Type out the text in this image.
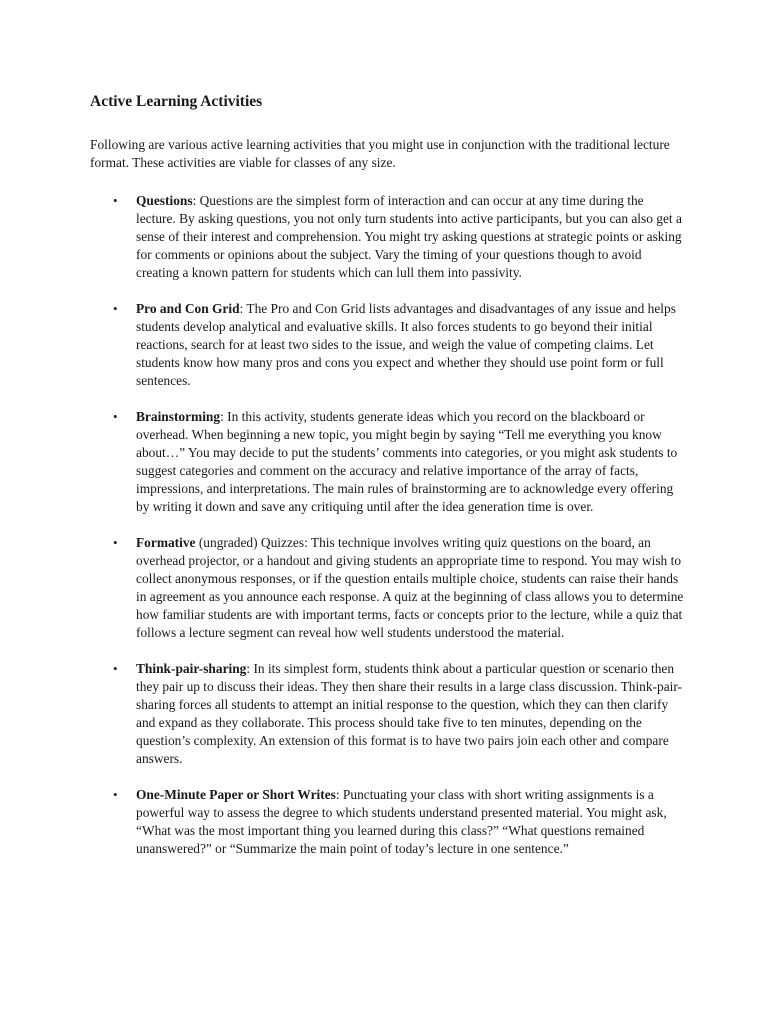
Active Learning Activities

Following are various active learning activities that you might use in conjunction with the traditional lecture format. These activities are viable for classes of any size.

• Questions: Questions are the simplest form of interaction and can occur at any time during the lecture. By asking questions, you not only turn students into active participants, but you can also get a sense of their interest and comprehension. You might try asking questions at strategic points or asking for comments or opinions about the subject. Vary the timing of your questions though to avoid creating a known pattern for students which can lull them into passivity.
• Pro and Con Grid: The Pro and Con Grid lists advantages and disadvantages of any issue and helps students develop analytical and evaluative skills. It also forces students to go beyond their initial reactions, search for at least two sides to the issue, and weigh the value of competing claims. Let students know how many pros and cons you expect and whether they should use point form or full sentences.
• Brainstorming: In this activity, students generate ideas which you record on the blackboard or overhead. When beginning a new topic, you might begin by saying “Tell me everything you know about…” You may decide to put the students’ comments into categories, or you might ask students to suggest categories and comment on the accuracy and relative importance of the array of facts, impressions, and interpretations. The main rules of brainstorming are to acknowledge every offering by writing it down and save any critiquing until after the idea generation time is over.
• Formative (ungraded) Quizzes: This technique involves writing quiz questions on the board, an overhead projector, or a handout and giving students an appropriate time to respond. You may wish to collect anonymous responses, or if the question entails multiple choice, students can raise their hands in agreement as you announce each response. A quiz at the beginning of class allows you to determine how familiar students are with important terms, facts or concepts prior to the lecture, while a quiz that follows a lecture segment can reveal how well students understood the material.
• Think-pair-sharing: In its simplest form, students think about a particular question or scenario then they pair up to discuss their ideas. They then share their results in a large class discussion. Think-pair-sharing forces all students to attempt an initial response to the question, which they can then clarify and expand as they collaborate. This process should take five to ten minutes, depending on the question’s complexity. An extension of this format is to have two pairs join each other and compare answers.
• One-Minute Paper or Short Writes: Punctuating your class with short writing assignments is a powerful way to assess the degree to which students understand presented material. You might ask, “What was the most important thing you learned during this class?” “What questions remained unanswered?” or “Summarize the main point of today’s lecture in one sentence.”
